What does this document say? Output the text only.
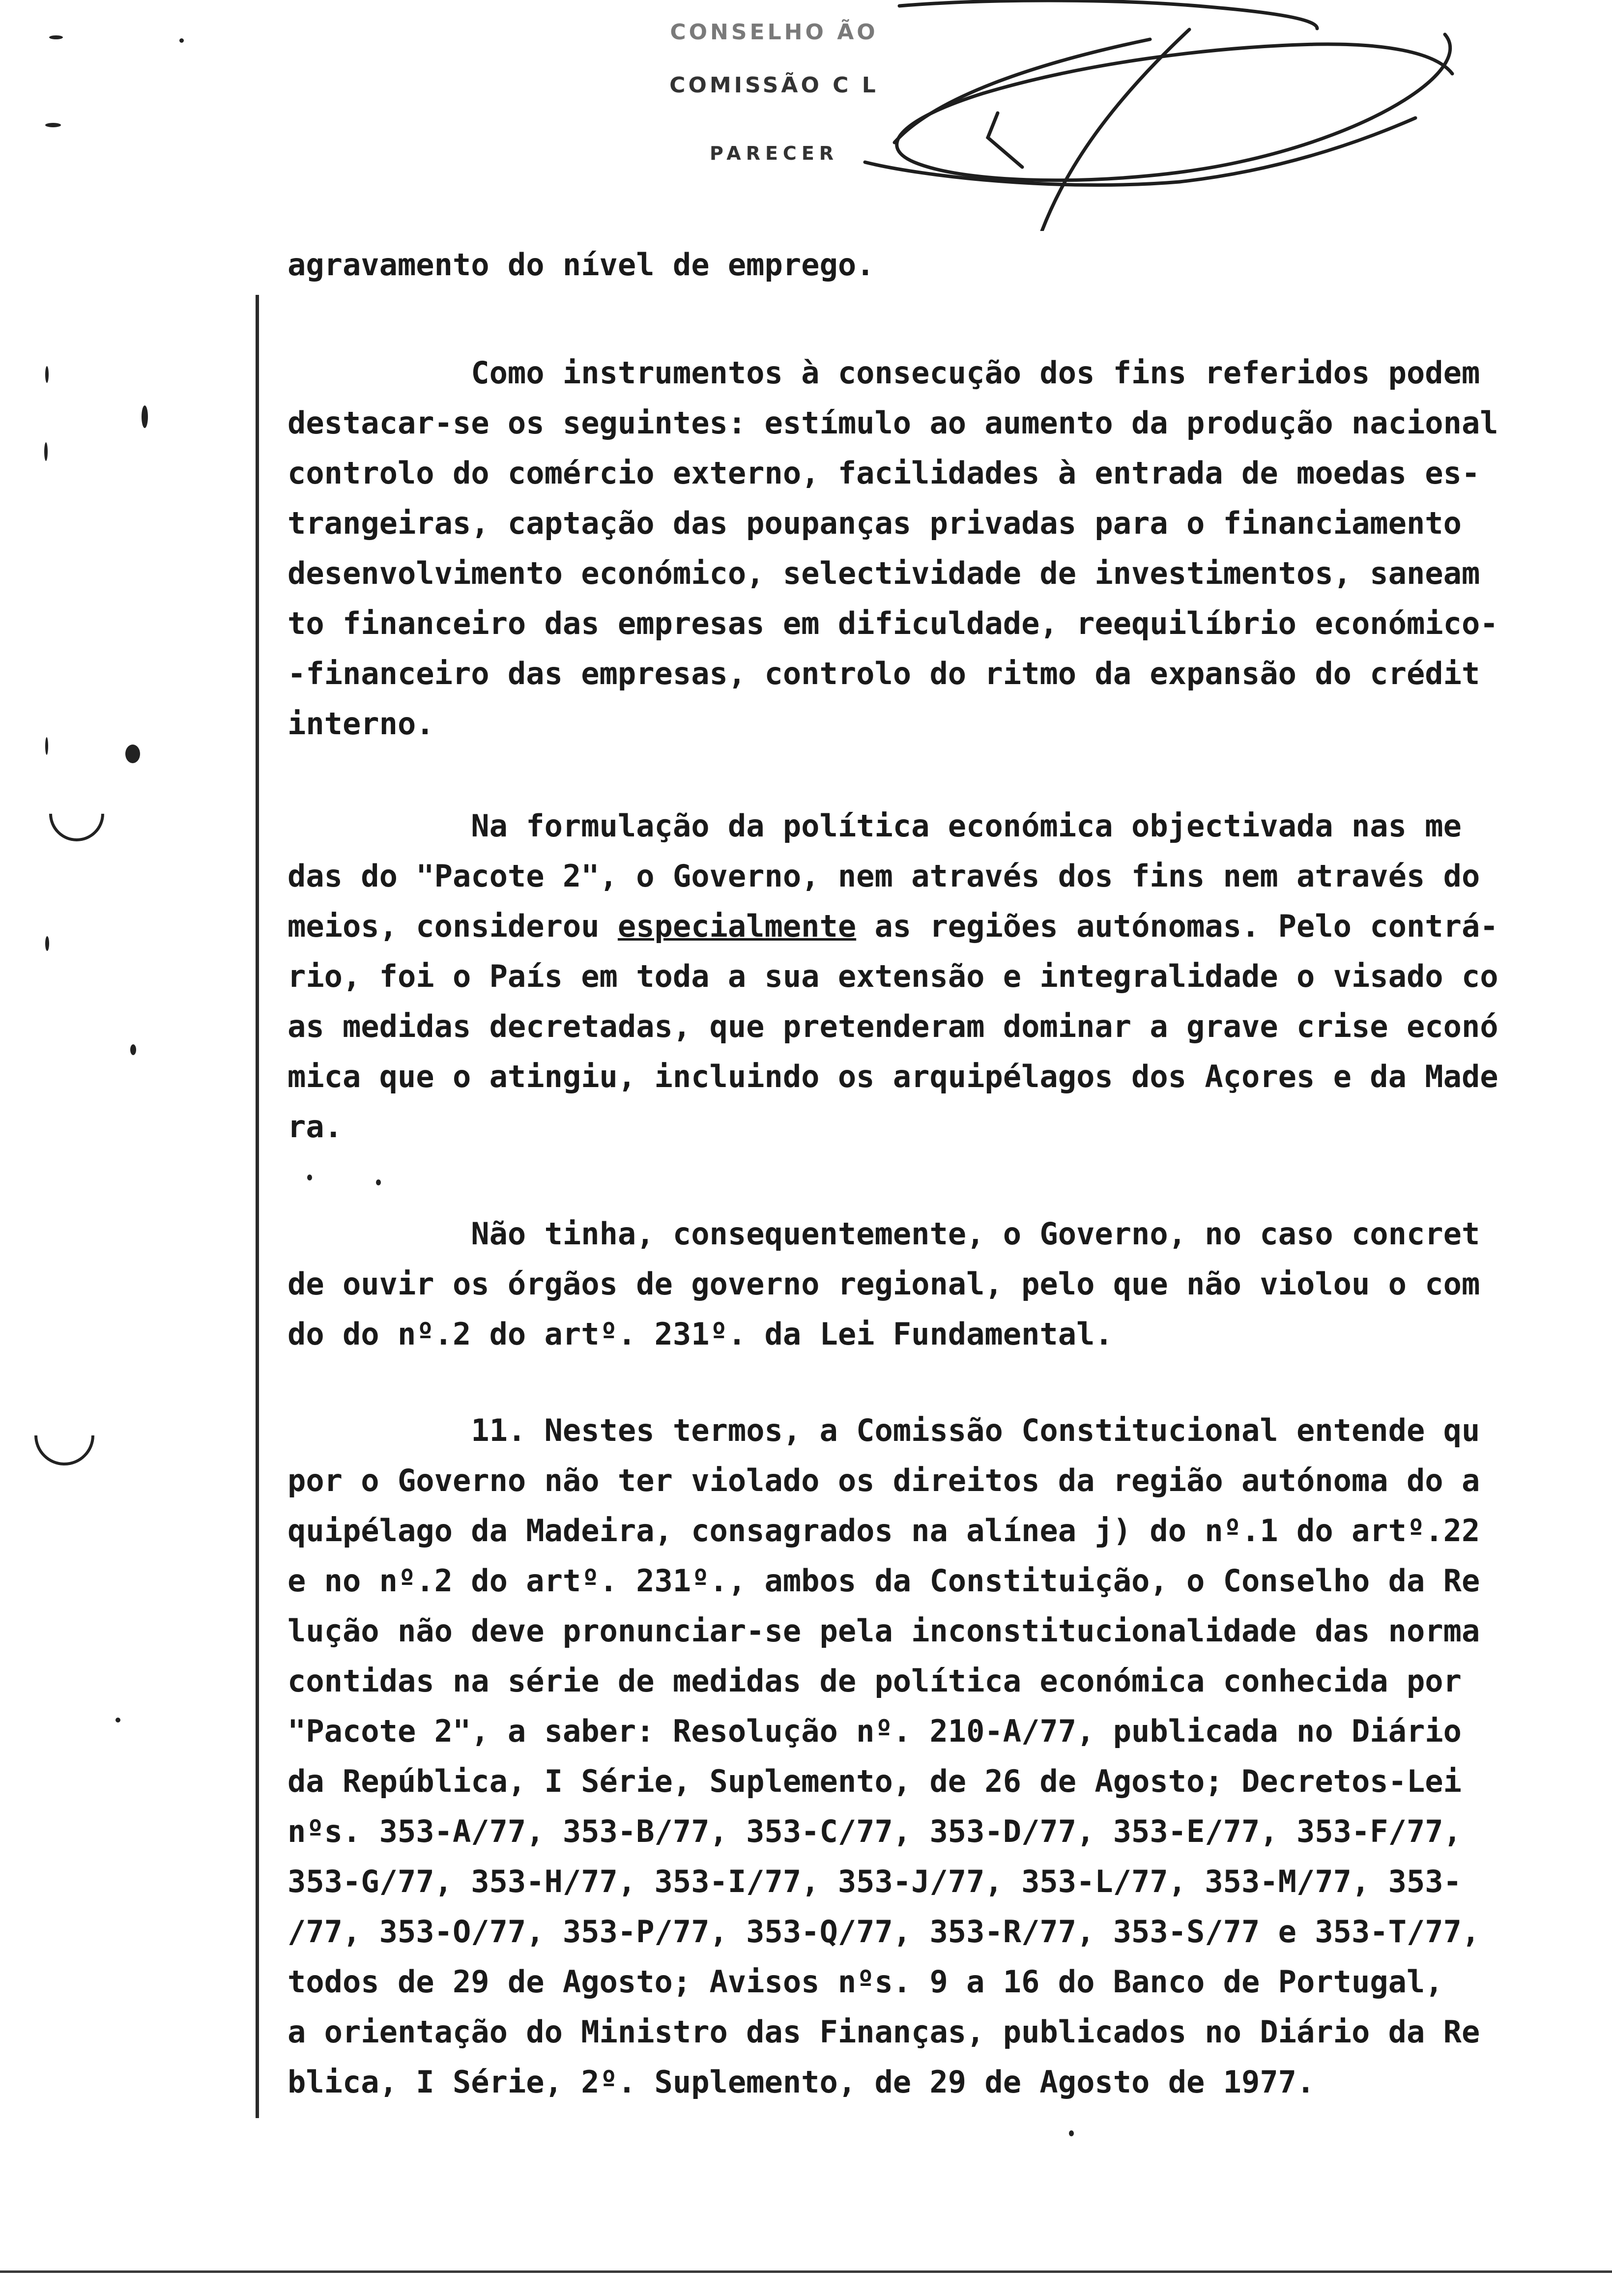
CONSELHO ÃO
COMISSÃO C L
PARECER

agravamento do nível de emprego.

Como instrumentos à consecução dos fins referidos podem
destacar-se os seguintes: estímulo ao aumento da produção nacional
controlo do comércio externo, facilidades à entrada de moedas es-
trangeiras, captação das poupanças privadas para o financiamento
desenvolvimento económico, selectividade de investimentos, saneam
to financeiro das empresas em dificuldade, reequilíbrio económico-
-financeiro das empresas, controlo do ritmo da expansão do crédit
interno.

Na formulação da política económica objectivada nas me
das do "Pacote 2", o Governo, nem através dos fins nem através do
meios, considerou especialmente as regiões autónomas. Pelo contrá-
rio, foi o País em toda a sua extensão e integralidade o visado co
as medidas decretadas, que pretenderam dominar a grave crise econó
mica que o atingiu, incluindo os arquipélagos dos Açores e da Made
ra.

Não tinha, consequentemente, o Governo, no caso concret
de ouvir os órgãos de governo regional, pelo que não violou o com
do do nº.2 do artº. 231º. da Lei Fundamental.

11. Nestes termos, a Comissão Constitucional entende qu
por o Governo não ter violado os direitos da região autónoma do a
quipélago da Madeira, consagrados na alínea j) do nº.1 do artº.22
e no nº.2 do artº. 231º., ambos da Constituição, o Conselho da Re
lução não deve pronunciar-se pela inconstitucionalidade das norma
contidas na série de medidas de política económica conhecida por
"Pacote 2", a saber: Resolução nº. 210-A/77, publicada no Diário
da República, I Série, Suplemento, de 26 de Agosto; Decretos-Lei
nºs. 353-A/77, 353-B/77, 353-C/77, 353-D/77, 353-E/77, 353-F/77,
353-G/77, 353-H/77, 353-I/77, 353-J/77, 353-L/77, 353-M/77, 353-
/77, 353-O/77, 353-P/77, 353-Q/77, 353-R/77, 353-S/77 e 353-T/77,
todos de 29 de Agosto; Avisos nºs. 9 a 16 do Banco de Portugal,
a orientação do Ministro das Finanças, publicados no Diário da Re
blica, I Série, 2º. Suplemento, de 29 de Agosto de 1977.
